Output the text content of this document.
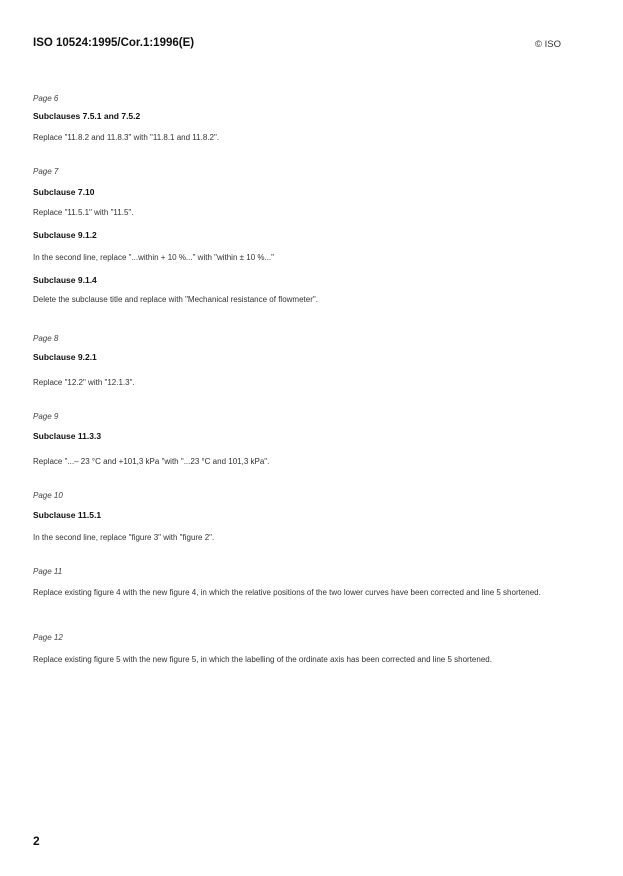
ISO 10524:1995/Cor.1:1996(E)	© ISO
Page 6
Subclauses 7.5.1 and 7.5.2
Replace "11.8.2 and 11.8.3" with "11.8.1 and 11.8.2".
Page 7
Subclause 7.10
Replace "11.5.1" with "11.5".
Subclause 9.1.2
In the second line, replace "...within + 10 %..." with "within ± 10 %..."
Subclause 9.1.4
Delete the subclause title and replace with "Mechanical resistance of flowmeter".
Page 8
Subclause 9.2.1
Replace "12.2" with "12.1.3".
Page 9
Subclause 11.3.3
Replace "...– 23 °C and +101,3 kPa "with "...23 °C and 101,3 kPa".
Page 10
Subclause 11.5.1
In the second line, replace "figure 3" with "figure 2".
Page 11
Replace existing figure 4 with the new figure 4, in which the relative positions of the two lower curves have been corrected and line 5 shortened.
Page 12
Replace existing figure 5 with the new figure 5, in which the labelling of the ordinate axis has been corrected and line 5 shortened.
2
